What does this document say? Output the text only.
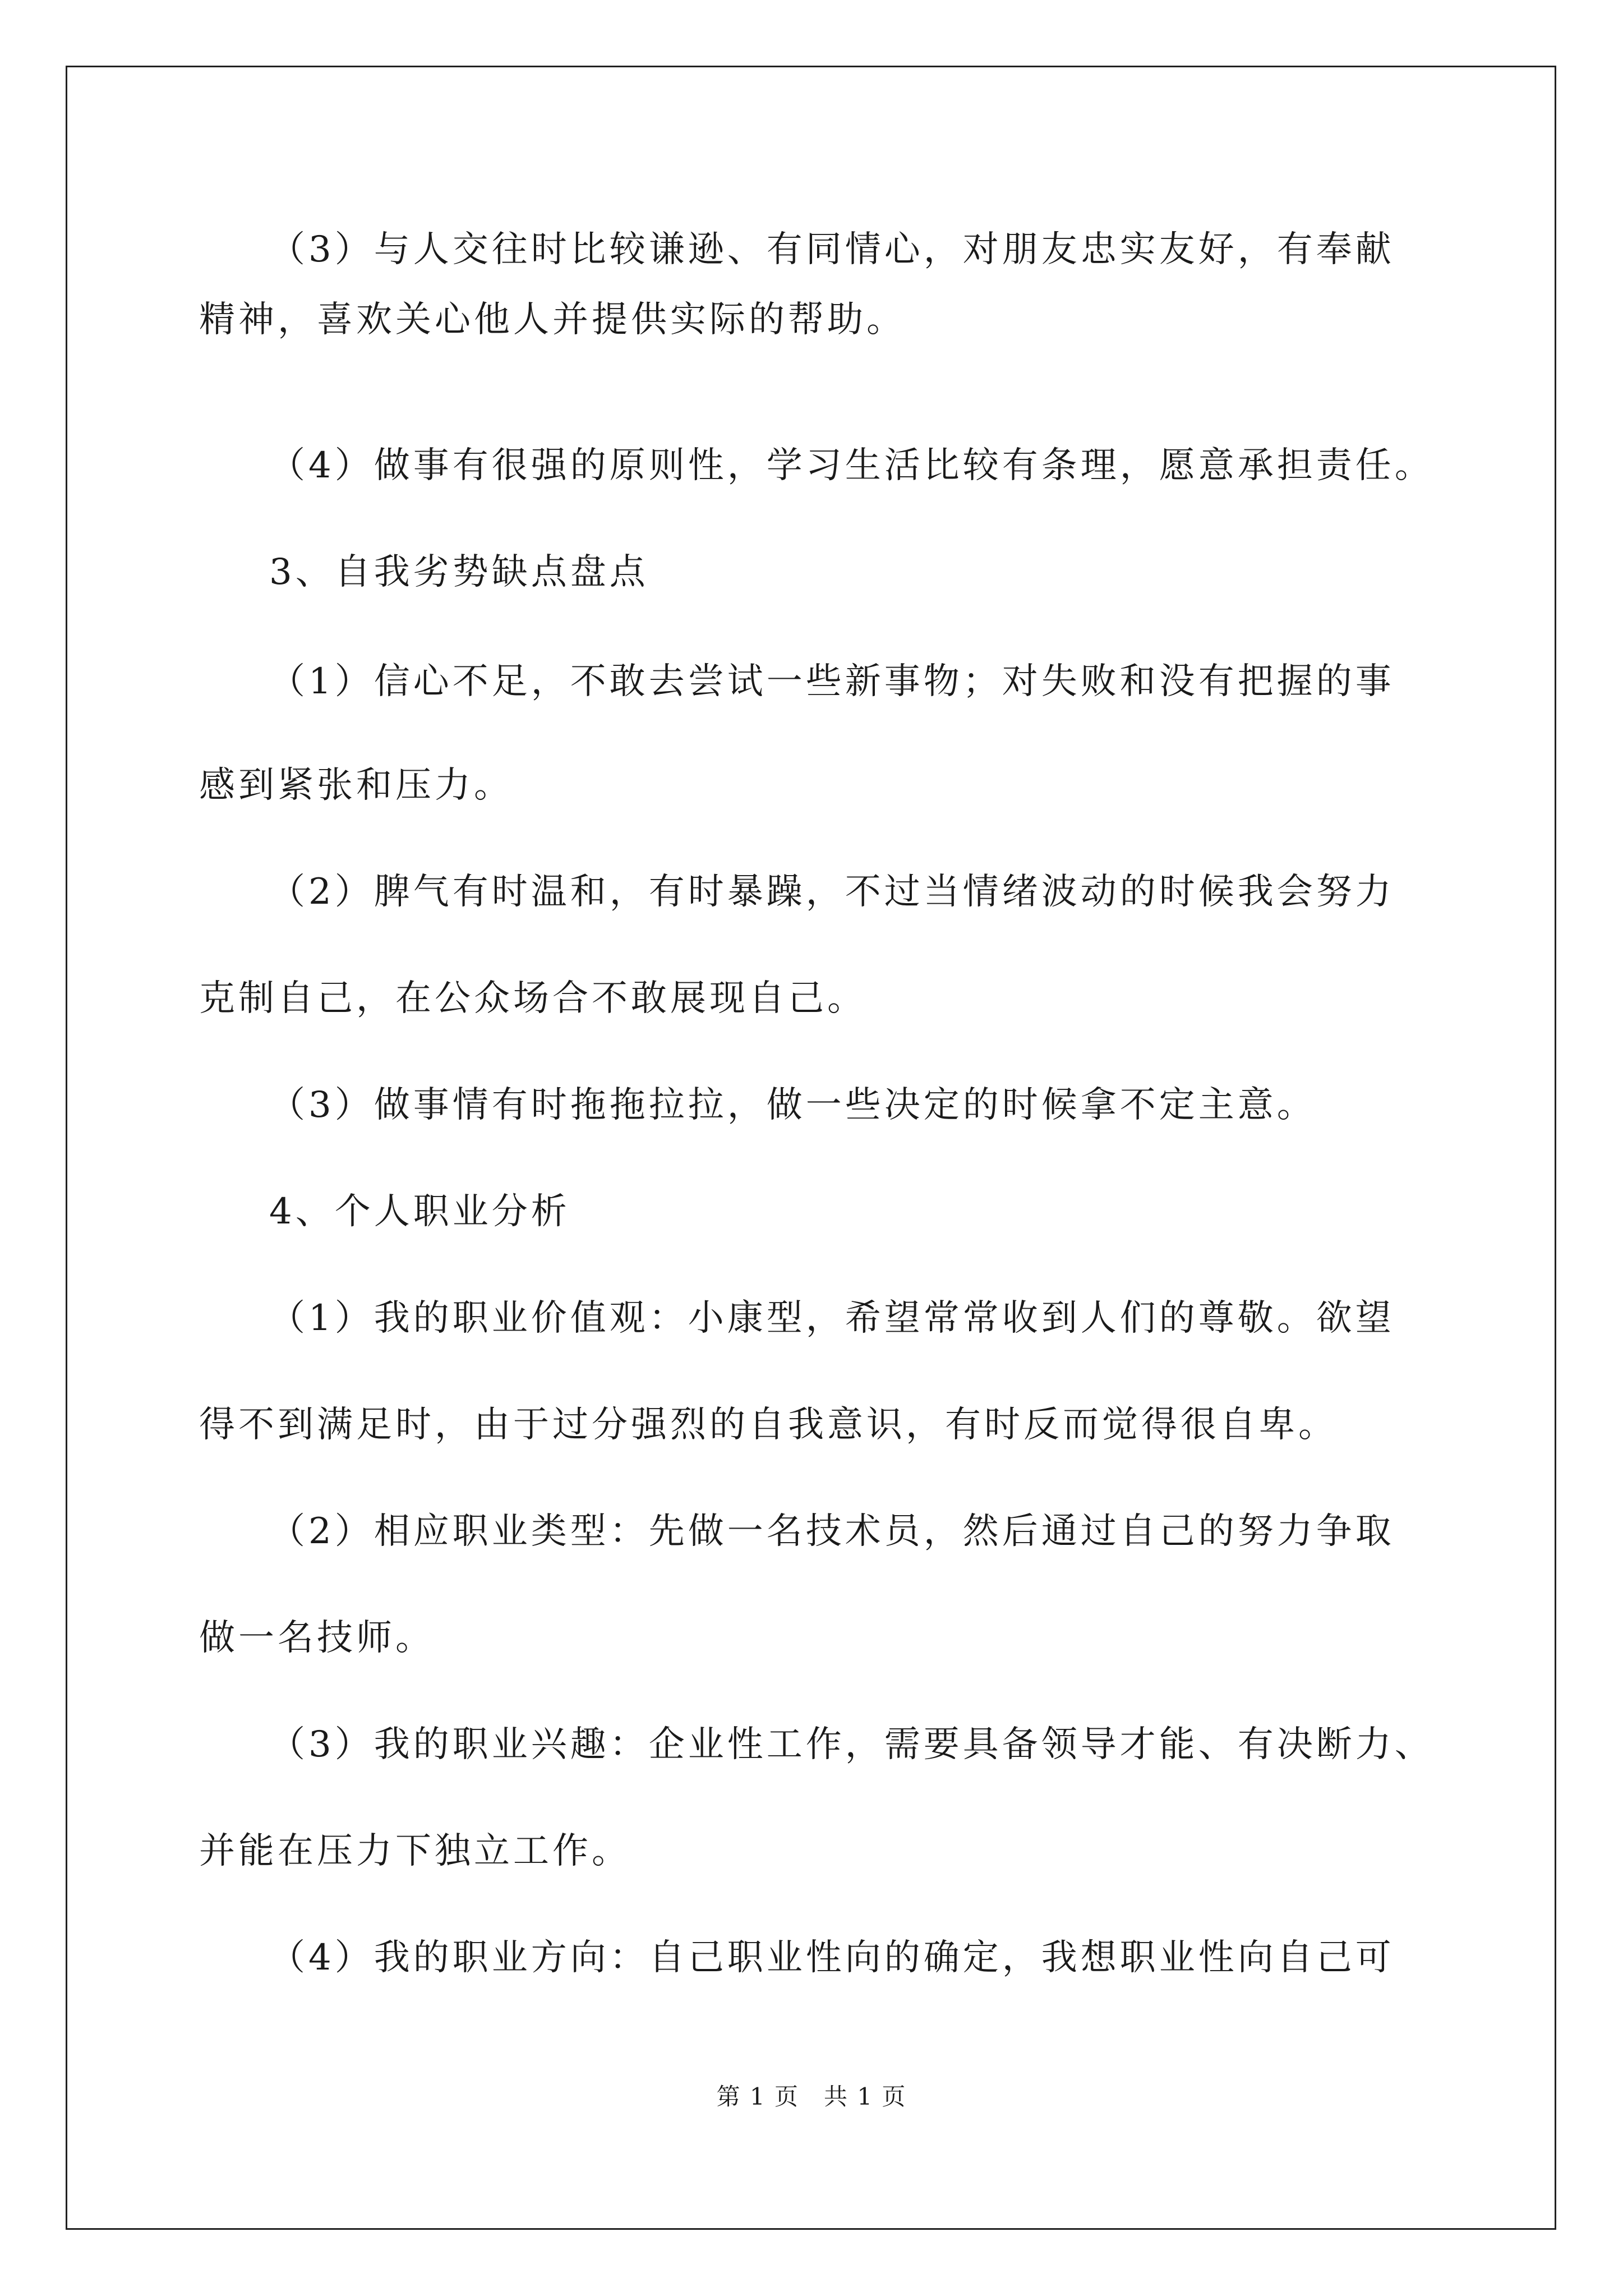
（3）与人交往时比较谦逊、有同情心，对朋友忠实友好，有奉献
精神，喜欢关心他人并提供实际的帮助。
（4）做事有很强的原则性，学习生活比较有条理，愿意承担责任。
3、自我劣势缺点盘点
（1）信心不足，不敢去尝试一些新事物；对失败和没有把握的事
感到紧张和压力。
（2）脾气有时温和，有时暴躁，不过当情绪波动的时候我会努力
克制自己，在公众场合不敢展现自己。
（3）做事情有时拖拖拉拉，做一些决定的时候拿不定主意。
4、个人职业分析
（1）我的职业价值观：小康型，希望常常收到人们的尊敬。欲望
得不到满足时，由于过分强烈的自我意识，有时反而觉得很自卑。
（2）相应职业类型：先做一名技术员，然后通过自己的努力争取
做一名技师。
（3）我的职业兴趣：企业性工作，需要具备领导才能、有决断力、
并能在压力下独立工作。
（4）我的职业方向：自己职业性向的确定，我想职业性向自己可
第 1 页　共 1 页
